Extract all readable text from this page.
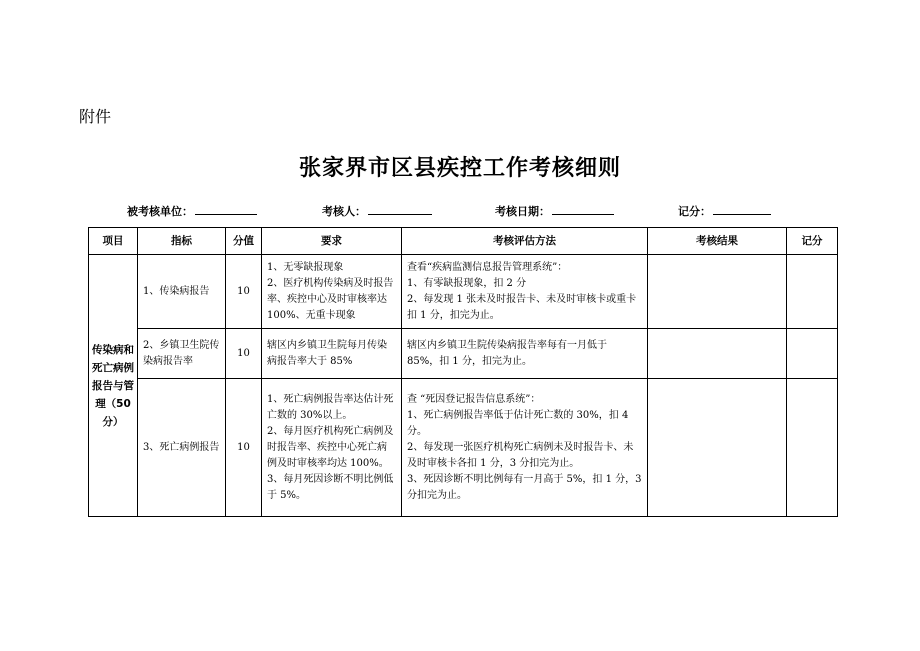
附件
张家界市区县疾控工作考核细则
被考核单位：	考核人：	考核日期：	记分：
项目	指标	分值	要求	考核评估方法	考核结果	记分
传染病和死亡病例报告与管理（50分）	1、传染病报告	10	1、无零缺报现象
2、医疗机构传染病及时报告率、疾控中心及时审核率达 100%、无重卡现象	查看“疾病监测信息报告管理系统”：
1、有零缺报现象，扣 2 分
2、每发现 1 张未及时报告卡、未及时审核卡或重卡扣 1 分，扣完为止。		
	2、乡镇卫生院传染病报告率	10	辖区内乡镇卫生院每月传染病报告率大于 85%	辖区内乡镇卫生院传染病报告率每有一月低于 85%，扣 1 分，扣完为止。		
	3、死亡病例报告	10	1、死亡病例报告率达估计死亡数的 30%以上。
2、每月医疗机构死亡病例及时报告率、疾控中心死亡病例及时审核率均达 100%。
3、每月死因诊断不明比例低于 5%。	查 “死因登记报告信息系统”：
1、死亡病例报告率低于估计死亡数的 30%，扣 4 分。
2、每发现一张医疗机构死亡病例未及时报告卡、未及时审核卡各扣 1 分，3 分扣完为止。
3、死因诊断不明比例每有一月高于 5%，扣 1 分，3 分扣完为止。		
